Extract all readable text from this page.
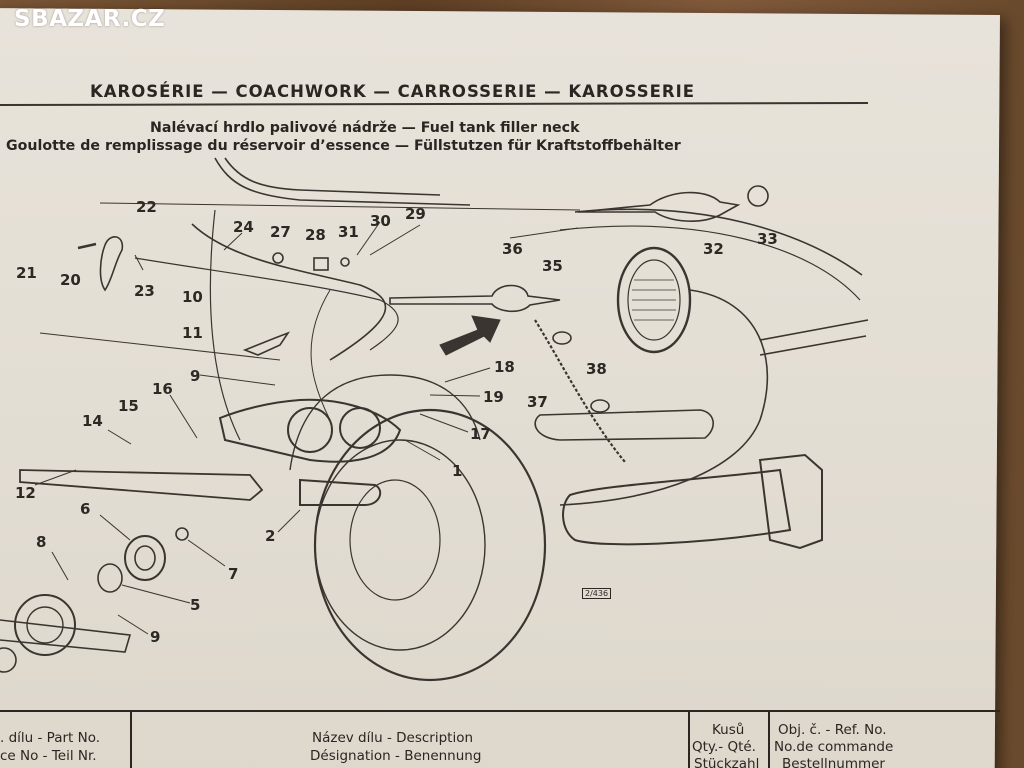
SBAZAR.CZ
KAROSÉRIE — COACHWORK — CARROSSERIE — KAROSSERIE
Nalévací hrdlo palivové nádrže — Fuel tank filler neck
Goulotte de remplissage du réservoir d’essence — Füllstutzen für Kraftstoffbehälter
2/436
22
21 20
23
24 27 28 31
30 29
36
35
32
33
10
11
9
16
15
14
18
19
17
38
37
1
12
2
6
8
7
5
9
. dílu - Part No.
ce No - Teil Nr.
Název dílu - Description
Désignation - Benennung
Kusů
Qty.- Qté.
Stückzahl
Obj. č. - Ref. No.
No.de commande
Bestellnummer
